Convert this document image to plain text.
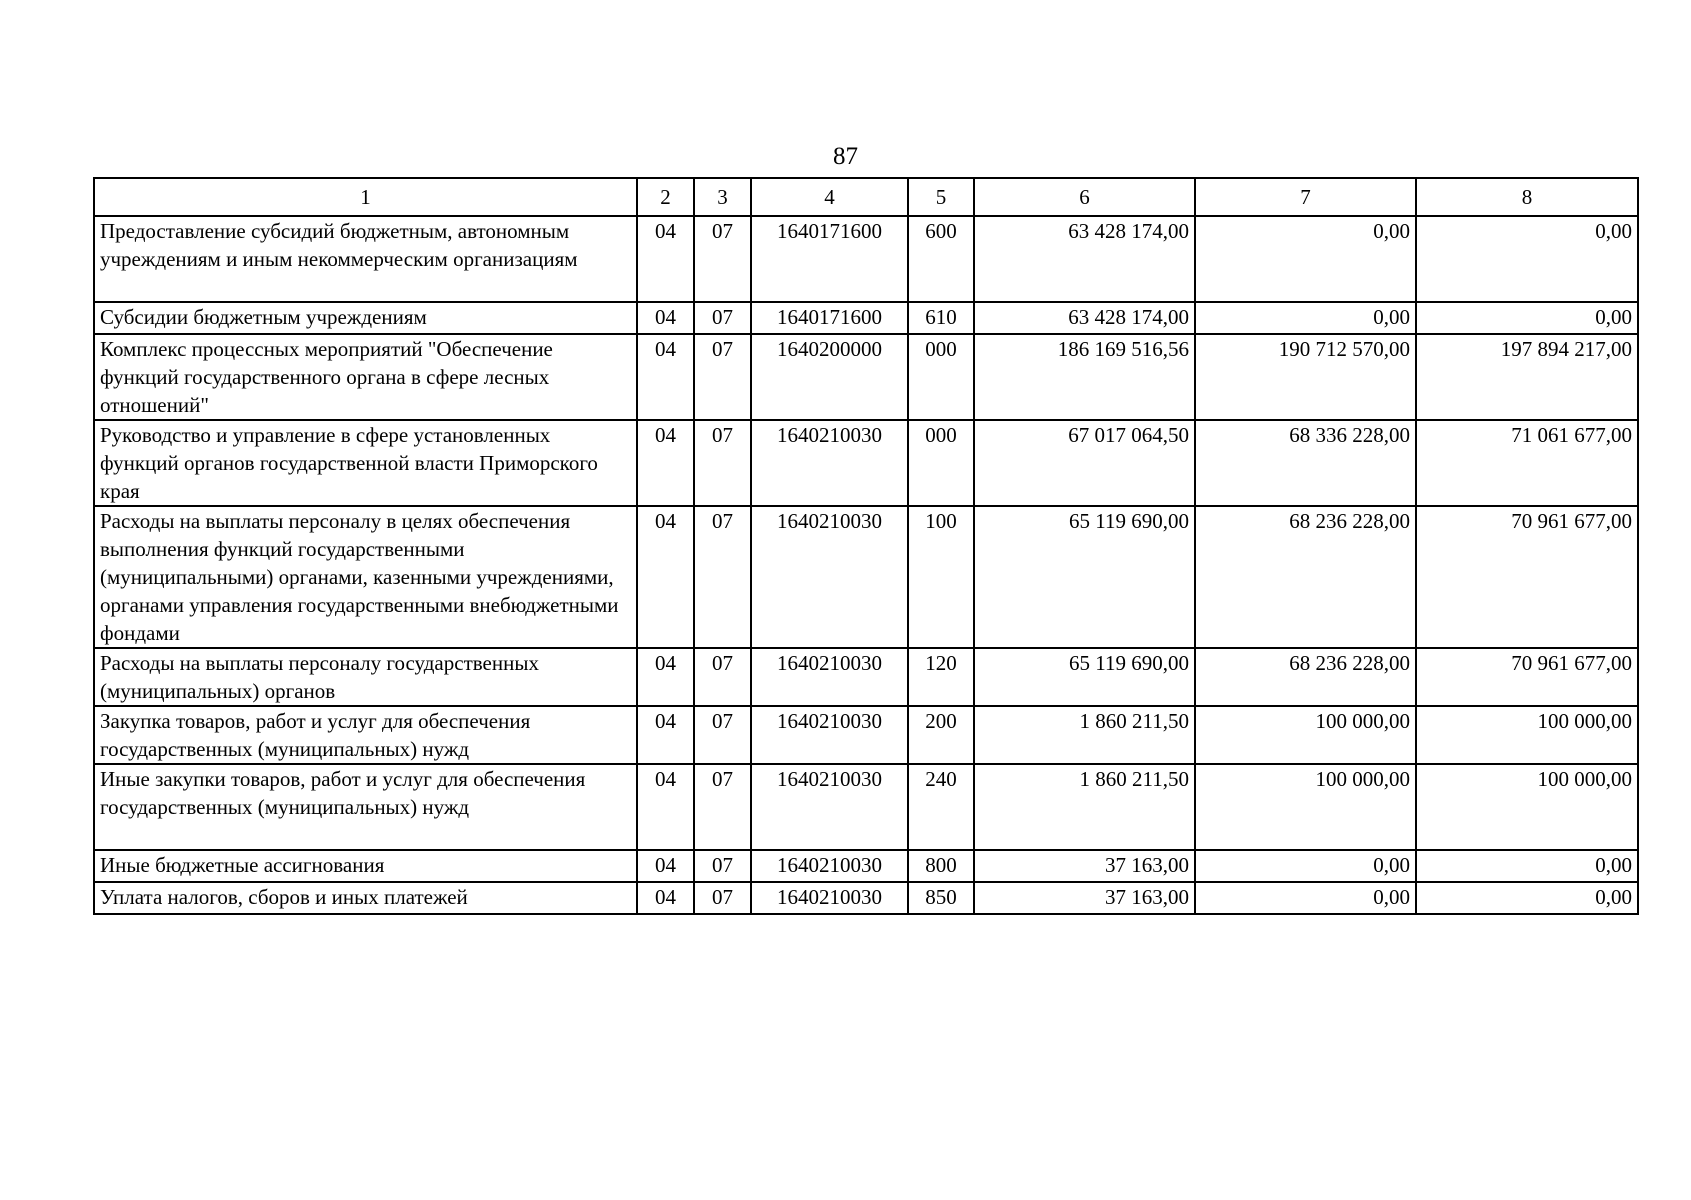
87
1	2	3	4	5	6	7	8
Предоставление субсидий бюджетным, автономным учреждениям и иным некоммерческим организациям	04	07	1640171600	600	63 428 174,00	0,00	0,00
Субсидии бюджетным учреждениям	04	07	1640171600	610	63 428 174,00	0,00	0,00
Комплекс процессных мероприятий "Обеспечение функций государственного органа в сфере лесных отношений"	04	07	1640200000	000	186 169 516,56	190 712 570,00	197 894 217,00
Руководство и управление в сфере установленных функций органов государственной власти Приморского края	04	07	1640210030	000	67 017 064,50	68 336 228,00	71 061 677,00
Расходы на выплаты персоналу в целях обеспечения выполнения функций государственными (муниципальными) органами, казенными учреждениями, органами управления государственными внебюджетными фондами	04	07	1640210030	100	65 119 690,00	68 236 228,00	70 961 677,00
Расходы на выплаты персоналу государственных (муниципальных) органов	04	07	1640210030	120	65 119 690,00	68 236 228,00	70 961 677,00
Закупка товаров, работ и услуг для обеспечения государственных (муниципальных) нужд	04	07	1640210030	200	1 860 211,50	100 000,00	100 000,00
Иные закупки товаров, работ и услуг для обеспечения государственных (муниципальных) нужд	04	07	1640210030	240	1 860 211,50	100 000,00	100 000,00
Иные бюджетные ассигнования	04	07	1640210030	800	37 163,00	0,00	0,00
Уплата налогов, сборов и иных платежей	04	07	1640210030	850	37 163,00	0,00	0,00
